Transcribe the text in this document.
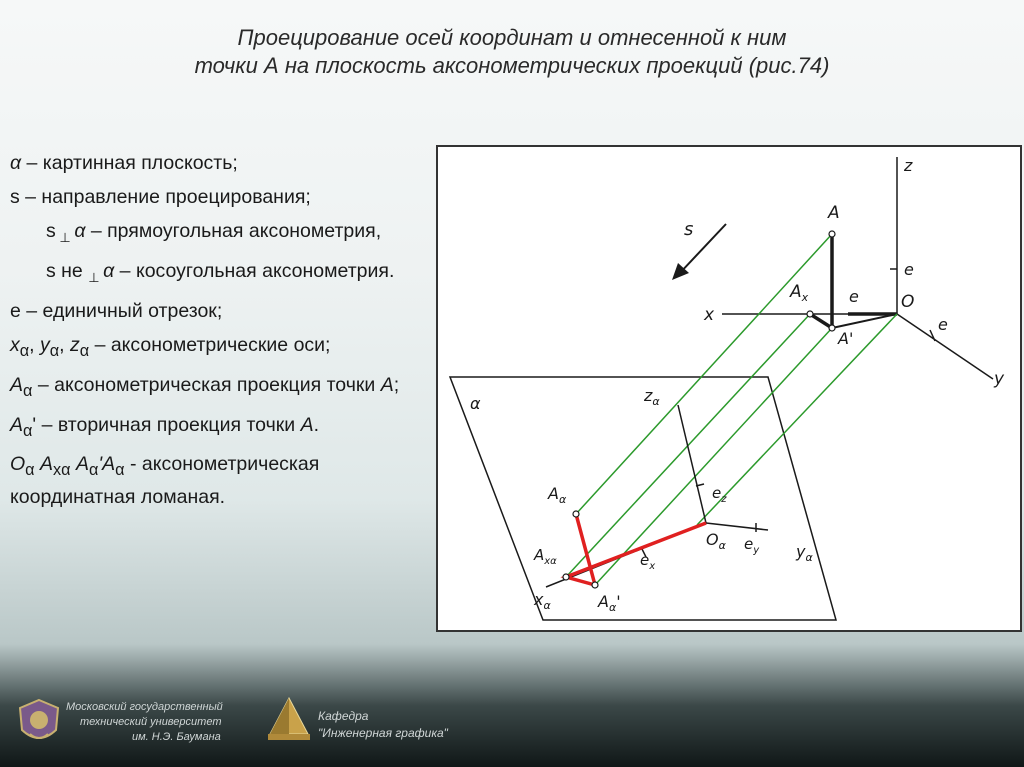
Проецирование осей координат и отнесенной к ним
точки А на плоскость аксонометрических проекций (рис.74)

α – картинная плоскость;

s – направление проецирования;

s $_\perp$ α – прямоугольная аксонометрия,

s не $_\perp$ α – косоугольная аксонометрия.

е – единичный отрезок;

$x_\alpha$, $y_\alpha$, $z_\alpha$ – аксонометрические оси;

$A_\alpha$ – аксонометрическая проекция точки A;

$A_\alpha'$ – вторичная проекция точки A.

$O_\alpha$ $A_{x\alpha}$ $A_\alpha'A_\alpha$ - аксонометрическая координатная ломаная.

z
e
O
x
e
e
y
A
$A_x$
A'
s
α	$z_\alpha$
$e_z$
$A_\alpha$
$O_\alpha$ $e_y$ $y_\alpha$
$A_{x\alpha}$	$e_x$
$x_\alpha$	$A_\alpha'$
Московский государственный
технический университет
им. Н.Э. Баумана
Кафедра
"Инженерная графика"
